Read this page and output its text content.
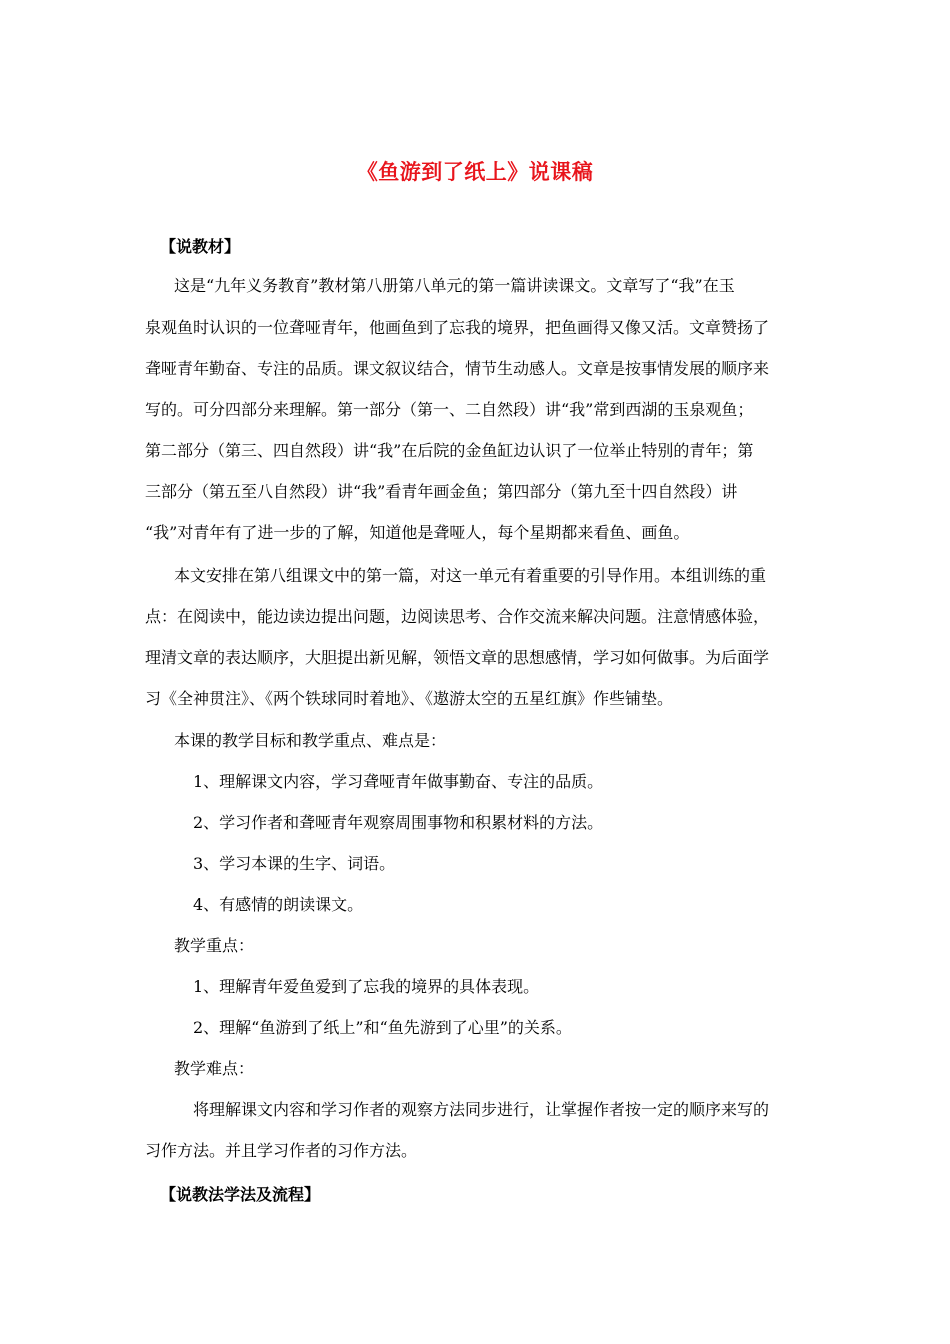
《鱼游到了纸上》说课稿
【说教材】
这是“九年义务教育”教材第八册第八单元的第一篇讲读课文。文章写了“我”在玉
泉观鱼时认识的一位聋哑青年，他画鱼到了忘我的境界，把鱼画得又像又活。文章赞扬了
聋哑青年勤奋、专注的品质。课文叙议结合，情节生动感人。文章是按事情发展的顺序来
写的。可分四部分来理解。第一部分（第一、二自然段）讲“我”常到西湖的玉泉观鱼；
第二部分（第三、四自然段）讲“我”在后院的金鱼缸边认识了一位举止特别的青年；第
三部分（第五至八自然段）讲“我”看青年画金鱼；第四部分（第九至十四自然段）讲
“我”对青年有了进一步的了解，知道他是聋哑人，每个星期都来看鱼、画鱼。
本文安排在第八组课文中的第一篇，对这一单元有着重要的引导作用。本组训练的重
点：在阅读中，能边读边提出问题，边阅读思考、合作交流来解决问题。注意情感体验，
理清文章的表达顺序，大胆提出新见解，领悟文章的思想感情，学习如何做事。为后面学
习《全神贯注》、《两个铁球同时着地》、《遨游太空的五星红旗》作些铺垫。
本课的教学目标和教学重点、难点是：
1、理解课文内容，学习聋哑青年做事勤奋、专注的品质。
2、学习作者和聋哑青年观察周围事物和积累材料的方法。
3、学习本课的生字、词语。
4、有感情的朗读课文。
教学重点：
1、理解青年爱鱼爱到了忘我的境界的具体表现。
2、理解“鱼游到了纸上”和“鱼先游到了心里”的关系。
教学难点：
将理解课文内容和学习作者的观察方法同步进行，让掌握作者按一定的顺序来写的
习作方法。并且学习作者的习作方法。
【说教法学法及流程】
